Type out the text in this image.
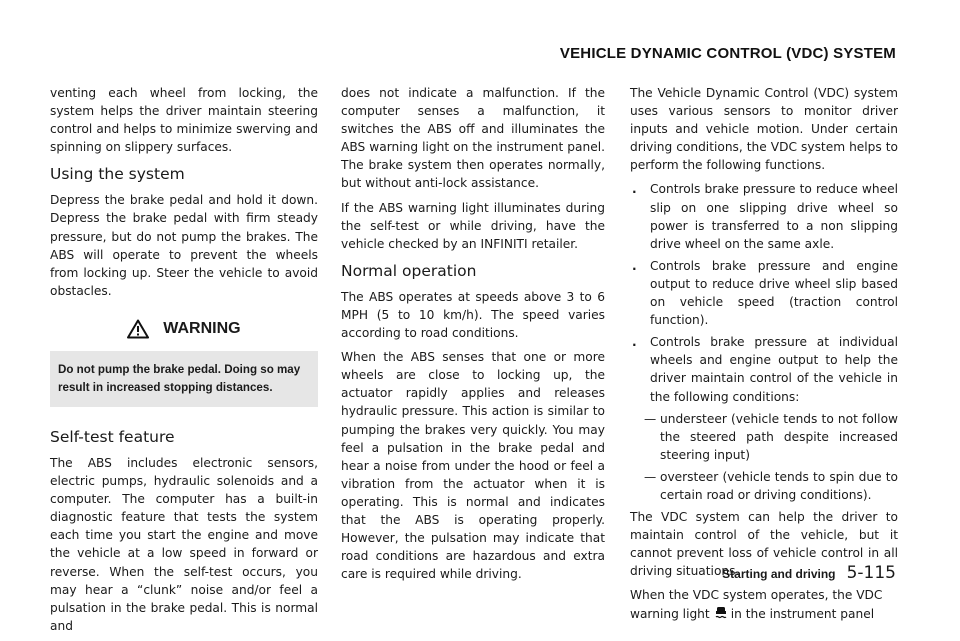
VEHICLE DYNAMIC CONTROL (VDC) SYSTEM

venting each wheel from locking, the system helps the driver maintain steering control and helps to minimize swerving and spinning on slippery surfaces.

Using the system

Depress the brake pedal and hold it down. Depress the brake pedal with firm steady pressure, but do not pump the brakes. The ABS will operate to prevent the wheels from locking up. Steer the vehicle to avoid obstacles.

WARNING
Do not pump the brake pedal. Doing so may result in increased stopping distances.
Self-test feature

The ABS includes electronic sensors, electric pumps, hydraulic solenoids and a computer. The computer has a built-in diagnostic feature that tests the system each time you start the engine and move the vehicle at a low speed in forward or reverse. When the self-test occurs, you may hear a “clunk” noise and/or feel a pulsation in the brake pedal. This is normal and

does not indicate a malfunction. If the computer senses a malfunction, it switches the ABS off and illuminates the ABS warning light on the instrument panel. The brake system then operates normally, but without anti-lock assistance.

If the ABS warning light illuminates during the self-test or while driving, have the vehicle checked by an INFINITI retailer.

Normal operation

The ABS operates at speeds above 3 to 6 MPH (5 to 10 km/h). The speed varies according to road conditions.

When the ABS senses that one or more wheels are close to locking up, the actuator rapidly applies and releases hydraulic pressure. This action is similar to pumping the brakes very quickly. You may feel a pulsation in the brake pedal and hear a noise from under the hood or feel a vibration from the actuator when it is operating. This is normal and indicates that the ABS is operating properly. However, the pulsation may indicate that road conditions are hazardous and extra care is required while driving.

The Vehicle Dynamic Control (VDC) system uses various sensors to monitor driver inputs and vehicle motion. Under certain driving conditions, the VDC system helps to perform the following functions.

. Controls brake pressure to reduce wheel slip on one slipping drive wheel so power is transferred to a non slipping drive wheel on the same axle.
. Controls brake pressure and engine output to reduce drive wheel slip based on vehicle speed (traction control function).
. Controls brake pressure at individual wheels and engine output to help the driver maintain control of the vehicle in the following conditions:
— understeer (vehicle tends to not follow the steered path despite increased steering input)
— oversteer (vehicle tends to spin due to certain road or driving conditions).

The VDC system can help the driver to maintain control of the vehicle, but it cannot prevent loss of vehicle control in all driving situations.

When the VDC system operates, the VDC warning light in the instrument panel

Starting and driving 5-115
